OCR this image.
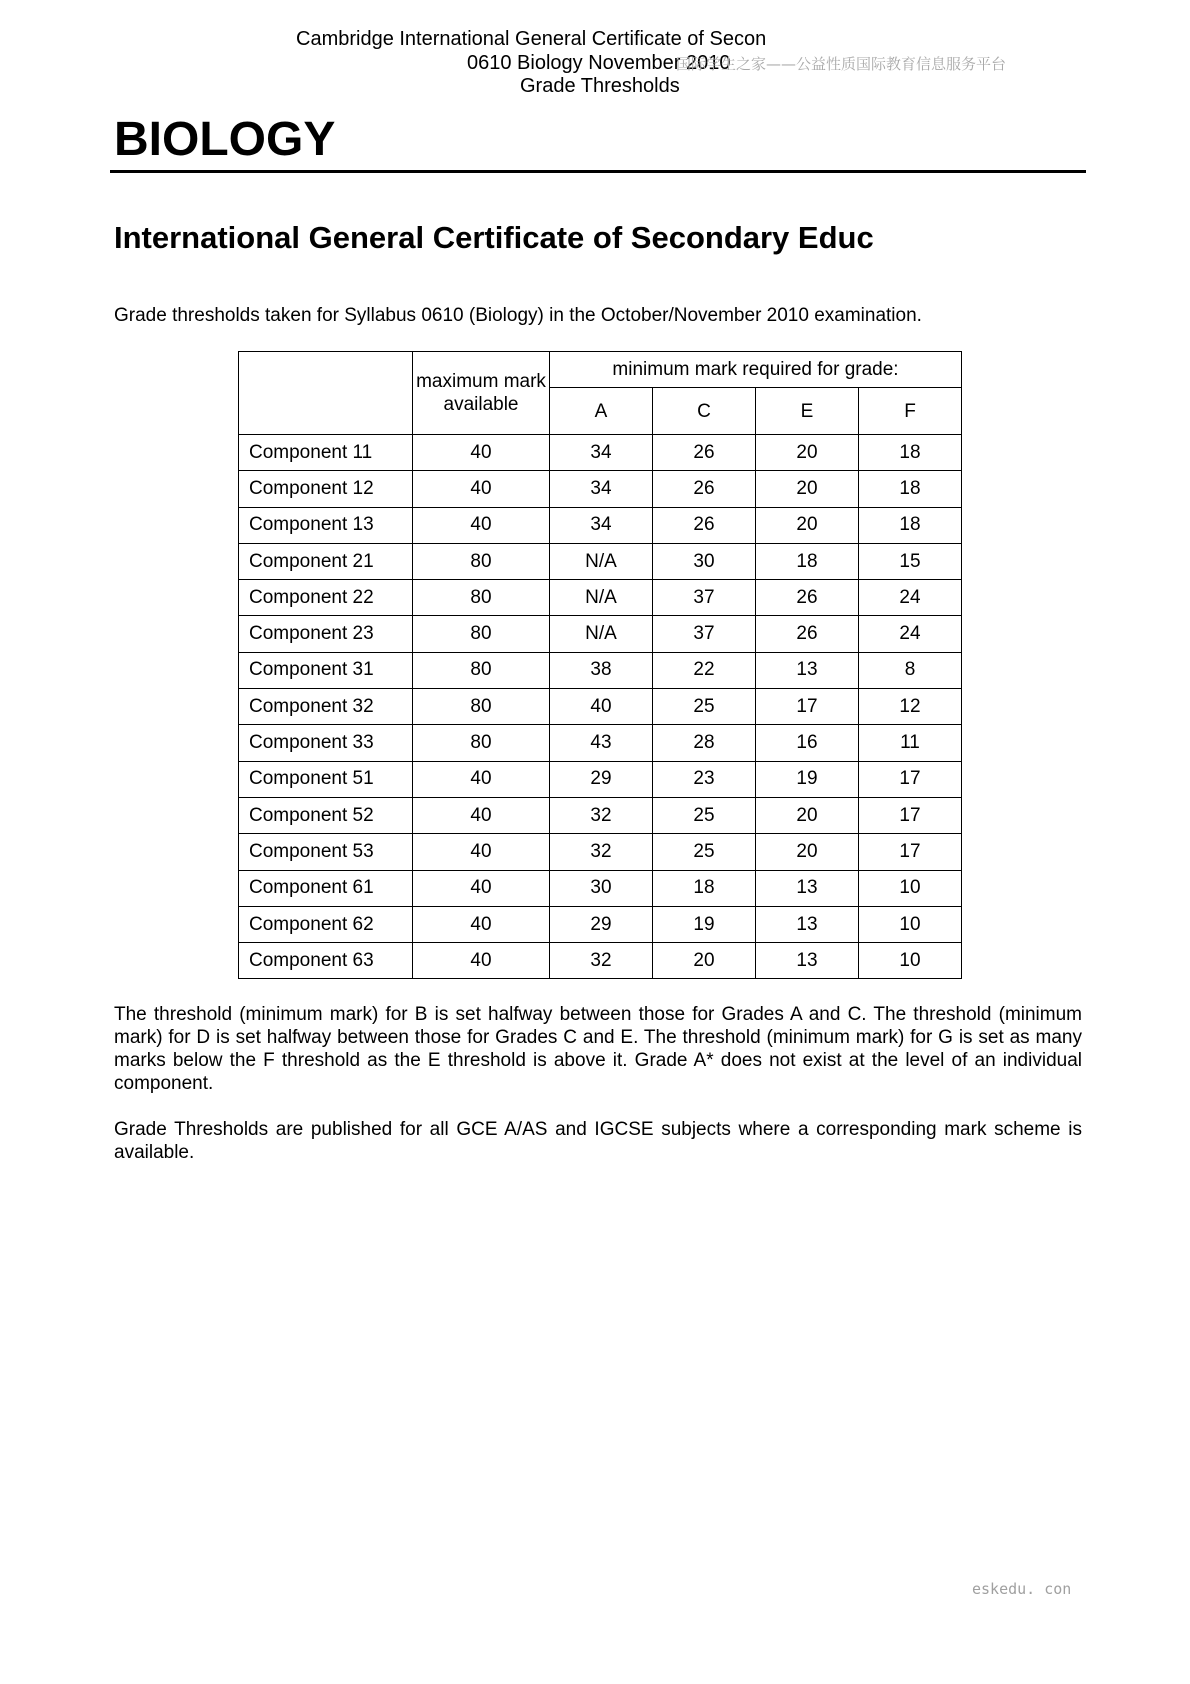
Cambridge International General Certificate of Secon
0610 Biology November 2010
Grade Thresholds
国际学生之家——公益性质国际教育信息服务平台
BIOLOGY
International General Certificate of Secondary Educ
Grade thresholds taken for Syllabus 0610 (Biology) in the October/November 2010 examination.
	maximum mark available	minimum mark required for grade:			
		A	C	E	F
Component 11	40	34	26	20	18
Component 12	40	34	26	20	18
Component 13	40	34	26	20	18
Component 21	80	N/A	30	18	15
Component 22	80	N/A	37	26	24
Component 23	80	N/A	37	26	24
Component 31	80	38	22	13	8
Component 32	80	40	25	17	12
Component 33	80	43	28	16	11
Component 51	40	29	23	19	17
Component 52	40	32	25	20	17
Component 53	40	32	25	20	17
Component 61	40	30	18	13	10
Component 62	40	29	19	13	10
Component 63	40	32	20	13	10
The threshold (minimum mark) for B is set halfway between those for Grades A and C. The threshold (minimum mark) for D is set halfway between those for Grades C and E. The threshold (minimum mark) for G is set as many marks below the F threshold as the E threshold is above it. Grade A* does not exist at the level of an individual component.
Grade Thresholds are published for all GCE A/AS and IGCSE subjects where a corresponding mark scheme is available.
eskedu. con
